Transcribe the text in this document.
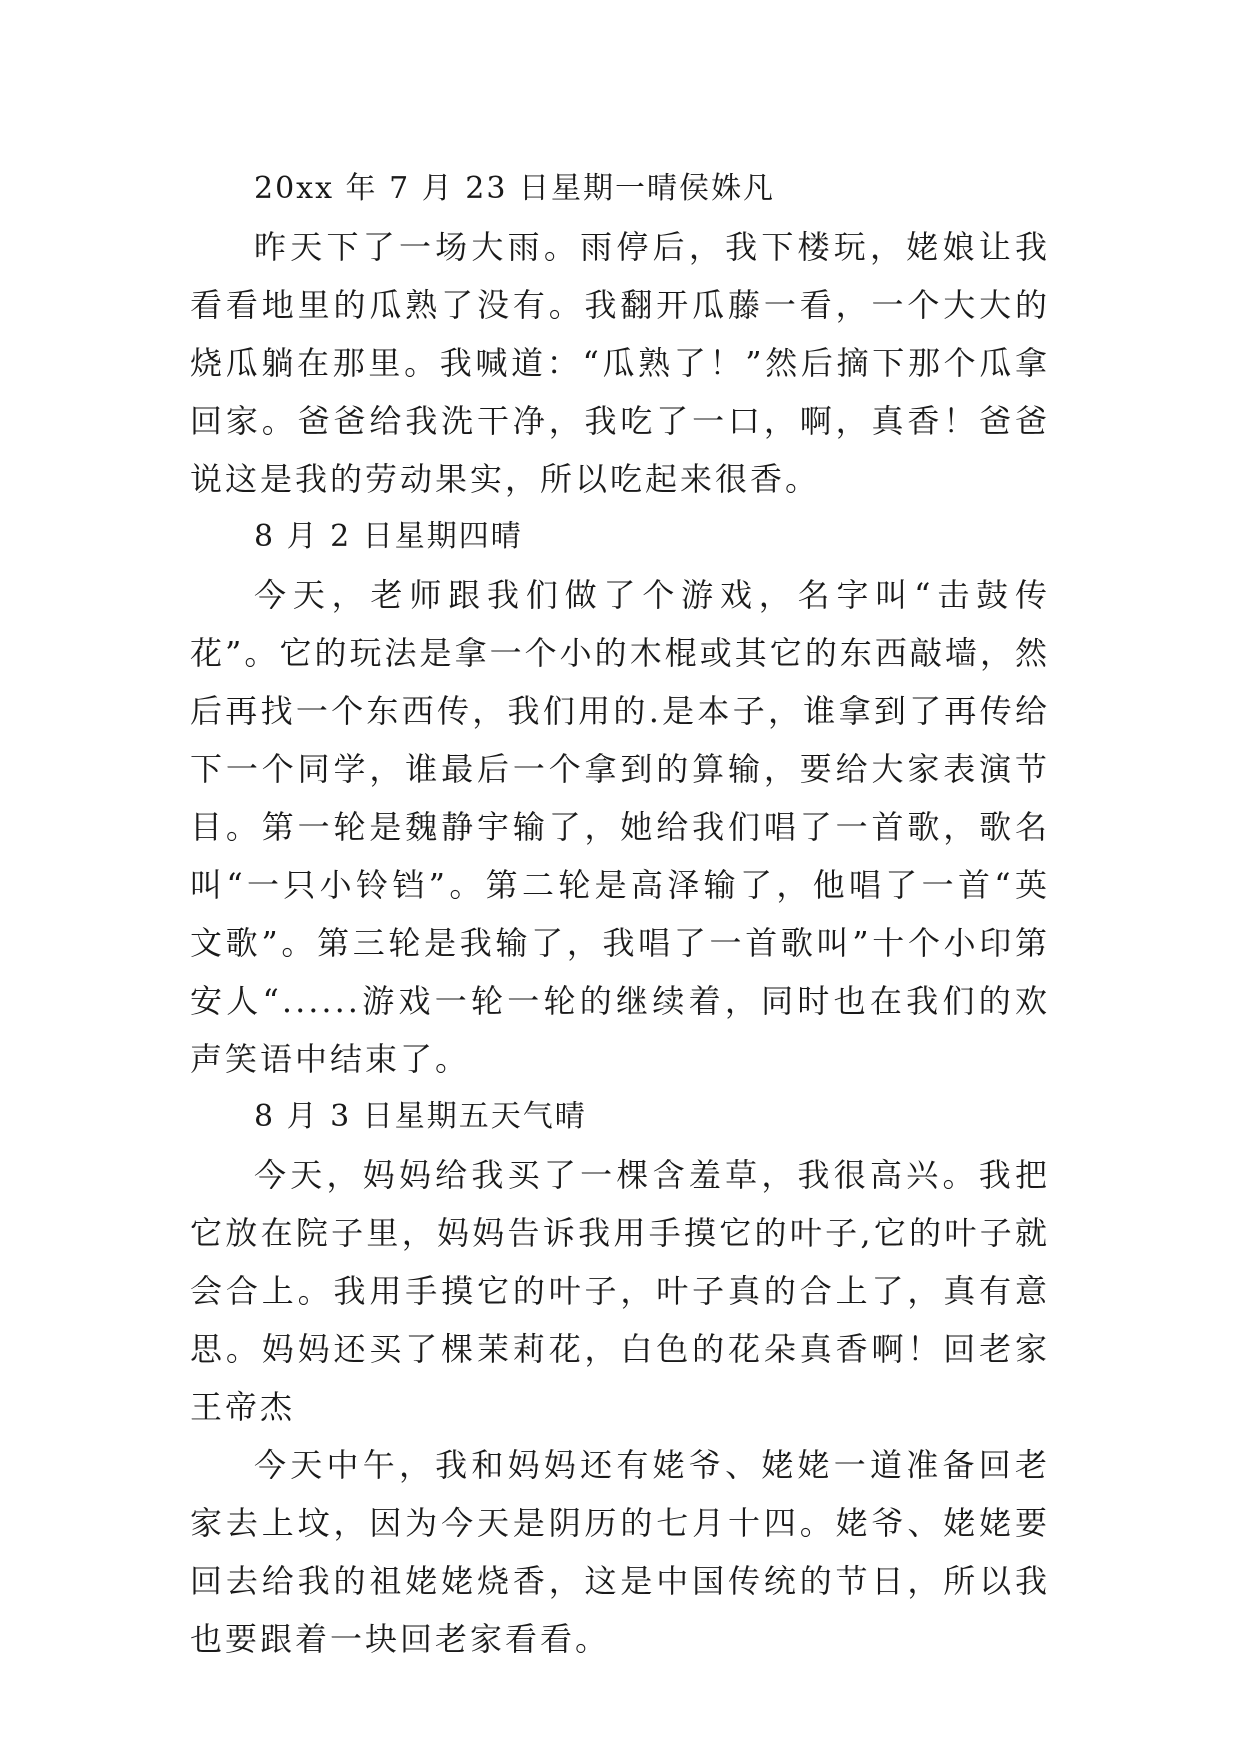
20xx 年 7 月 23 日星期一晴侯姝凡

昨天下了一场大雨。雨停后，我下楼玩，姥娘让我看看地里的瓜熟了没有。我翻开瓜藤一看，一个大大的烧瓜躺在那里。我喊道：“瓜熟了！”然后摘下那个瓜拿回家。爸爸给我洗干净，我吃了一口，啊，真香！爸爸说这是我的劳动果实，所以吃起来很香。

8 月 2 日星期四晴

今天，老师跟我们做了个游戏，名字叫“击鼓传花”。它的玩法是拿一个小的木棍或其它的东西敲墙，然后再找一个东西传，我们用的.是本子，谁拿到了再传给下一个同学，谁最后一个拿到的算输，要给大家表演节目。第一轮是魏静宇输了，她给我们唱了一首歌，歌名叫“一只小铃铛”。第二轮是高泽输了，他唱了一首“英文歌”。第三轮是我输了，我唱了一首歌叫”十个小印第安人“......游戏一轮一轮的继续着，同时也在我们的欢声笑语中结束了。

8 月 3 日星期五天气晴

今天，妈妈给我买了一棵含羞草，我很高兴。我把它放在院子里，妈妈告诉我用手摸它的叶子,它的叶子就会合上。我用手摸它的叶子，叶子真的合上了，真有意思。妈妈还买了棵茉莉花，白色的花朵真香啊！回老家王帝杰

今天中午，我和妈妈还有姥爷、姥姥一道准备回老家去上坟，因为今天是阴历的七月十四。姥爷、姥姥要回去给我的祖姥姥烧香，这是中国传统的节日，所以我也要跟着一块回老家看看。
